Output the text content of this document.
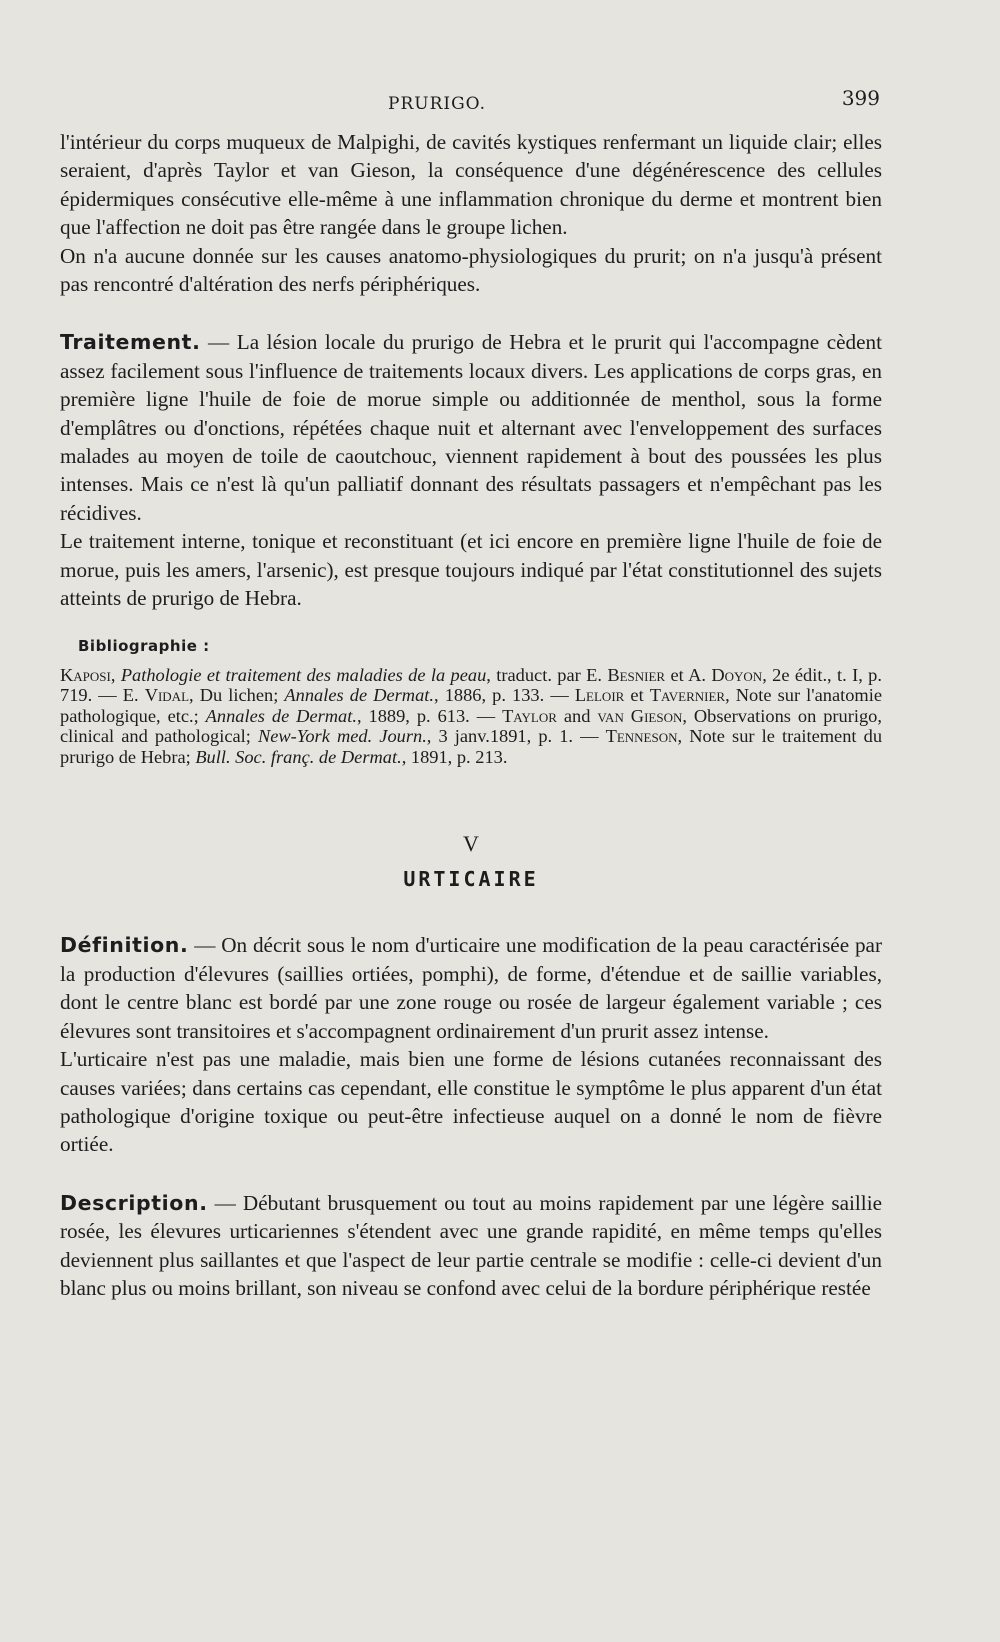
PRURIGO.	399

l'intérieur du corps muqueux de Malpighi, de cavités kystiques renfermant un liquide clair; elles seraient, d'après Taylor et van Gieson, la conséquence d'une dégénérescence des cellules épidermiques consécutive elle-même à une inflammation chronique du derme et montrent bien que l'affection ne doit pas être rangée dans le groupe lichen.

On n'a aucune donnée sur les causes anatomo-physiologiques du prurit; on n'a jusqu'à présent pas rencontré d'altération des nerfs périphériques.

Traitement. — La lésion locale du prurigo de Hebra et le prurit qui l'accompagne cèdent assez facilement sous l'influence de traitements locaux divers. Les applications de corps gras, en première ligne l'huile de foie de morue simple ou additionnée de menthol, sous la forme d'emplâtres ou d'onctions, répétées chaque nuit et alternant avec l'enveloppement des surfaces malades au moyen de toile de caoutchouc, viennent rapidement à bout des poussées les plus intenses. Mais ce n'est là qu'un palliatif donnant des résultats passagers et n'empêchant pas les récidives.

Le traitement interne, tonique et reconstituant (et ici encore en première ligne l'huile de foie de morue, puis les amers, l'arsenic), est presque toujours indiqué par l'état constitutionnel des sujets atteints de prurigo de Hebra.

Bibliographie :
Kaposi, Pathologie et traitement des maladies de la peau, traduct. par E. Besnier et A. Doyon, 2e édit., t. I, p. 719. — E. Vidal, Du lichen; Annales de Dermat., 1886, p. 133. — Leloir et Tavernier, Note sur l'anatomie pathologique, etc.; Annales de Dermat., 1889, p. 613. — Taylor and van Gieson, Observations on prurigo, clinical and pathological; New-York med. Journ., 3 janv.1891, p. 1. — Tenneson, Note sur le traitement du prurigo de Hebra; Bull. Soc. franç. de Dermat., 1891, p. 213.
V
URTICAIRE

Définition. — On décrit sous le nom d'urticaire une modification de la peau caractérisée par la production d'élevures (saillies ortiées, pomphi), de forme, d'étendue et de saillie variables, dont le centre blanc est bordé par une zone rouge ou rosée de largeur également variable ; ces élevures sont transitoires et s'accompagnent ordinairement d'un prurit assez intense.

L'urticaire n'est pas une maladie, mais bien une forme de lésions cutanées reconnaissant des causes variées; dans certains cas cependant, elle constitue le symptôme le plus apparent d'un état pathologique d'origine toxique ou peut-être infectieuse auquel on a donné le nom de fièvre ortiée.

Description. — Débutant brusquement ou tout au moins rapidement par une légère saillie rosée, les élevures urticariennes s'étendent avec une grande rapidité, en même temps qu'elles deviennent plus saillantes et que l'aspect de leur partie centrale se modifie : celle-ci devient d'un blanc plus ou moins brillant, son niveau se confond avec celui de la bordure périphérique restée
